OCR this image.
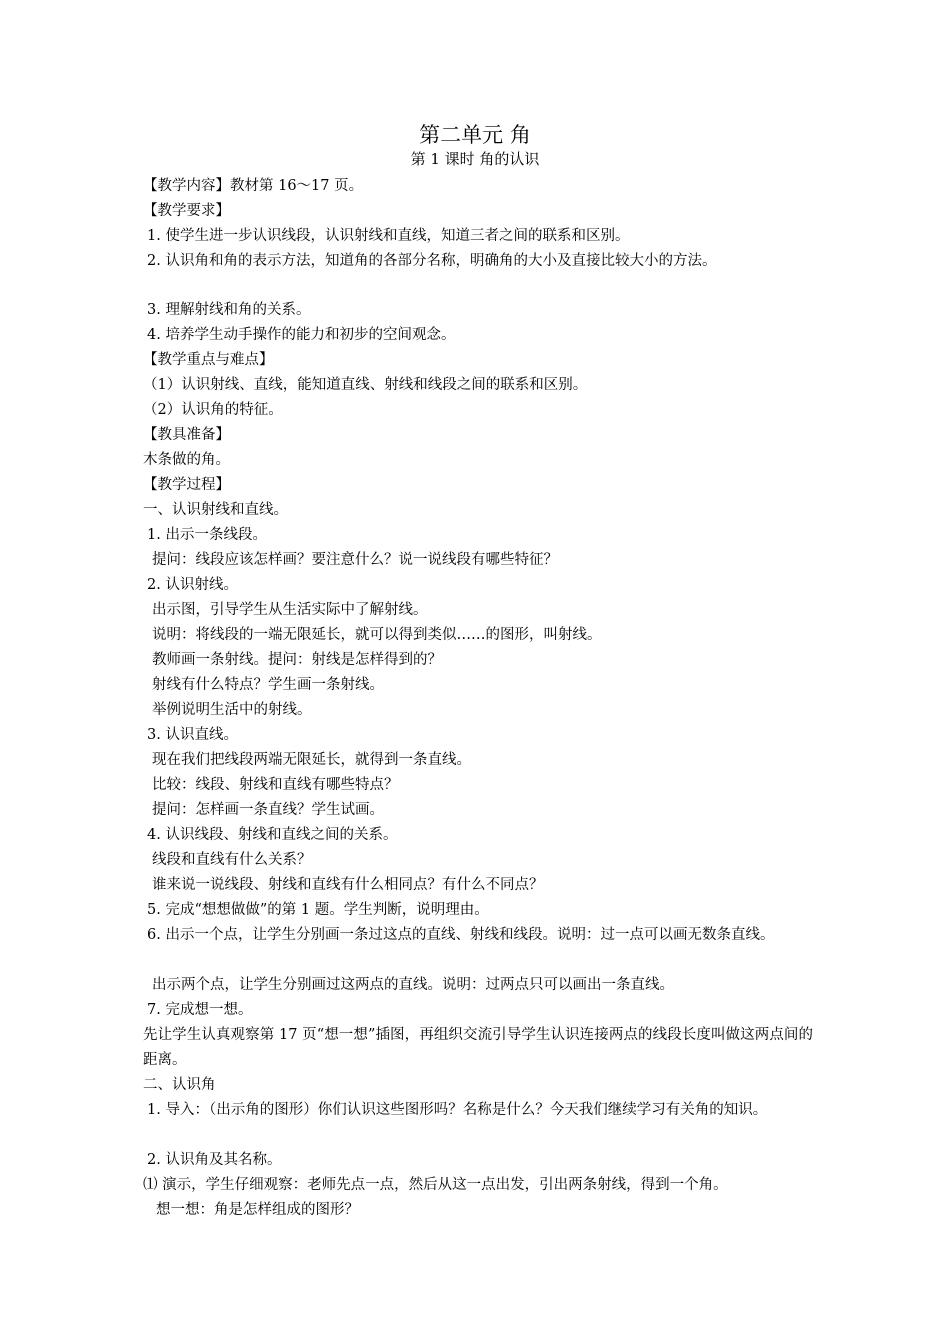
第二单元 角
第 1 课时 角的认识
【教学内容】教材第 16～17 页。
【教学要求】
1. 使学生进一步认识线段，认识射线和直线，知道三者之间的联系和区别。
2. 认识角和角的表示方法，知道角的各部分名称，明确角的大小及直接比较大小的方法。
3. 理解射线和角的关系。
4. 培养学生动手操作的能力和初步的空间观念。
【教学重点与难点】
（1）认识射线、直线，能知道直线、射线和线段之间的联系和区别。
（2）认识角的特征。
【教具准备】
木条做的角。
【教学过程】
一、认识射线和直线。
1. 出示一条线段。
提问：线段应该怎样画？要注意什么？说一说线段有哪些特征？
2. 认识射线。
出示图，引导学生从生活实际中了解射线。
说明：将线段的一端无限延长，就可以得到类似……的图形，叫射线。
教师画一条射线。提问：射线是怎样得到的？
射线有什么特点？学生画一条射线。
举例说明生活中的射线。
3. 认识直线。
现在我们把线段两端无限延长，就得到一条直线。
比较：线段、射线和直线有哪些特点？
提问：怎样画一条直线？学生试画。
4. 认识线段、射线和直线之间的关系。
线段和直线有什么关系？
谁来说一说线段、射线和直线有什么相同点？有什么不同点？
5. 完成“想想做做”的第 1 题。学生判断，说明理由。
6. 出示一个点，让学生分别画一条过这点的直线、射线和线段。说明：过一点可以画无数条直线。
出示两个点，让学生分别画过这两点的直线。说明：过两点只可以画出一条直线。
7. 完成想一想。
先让学生认真观察第 17 页“想一想”插图，再组织交流引导学生认识连接两点的线段长度叫做这两点间的距离。
二、认识角
1. 导入：（出示角的图形）你们认识这些图形吗？名称是什么？今天我们继续学习有关角的知识。
2. 认识角及其名称。
⑴ 演示，学生仔细观察：老师先点一点，然后从这一点出发，引出两条射线，得到一个角。
想一想：角是怎样组成的图形？
